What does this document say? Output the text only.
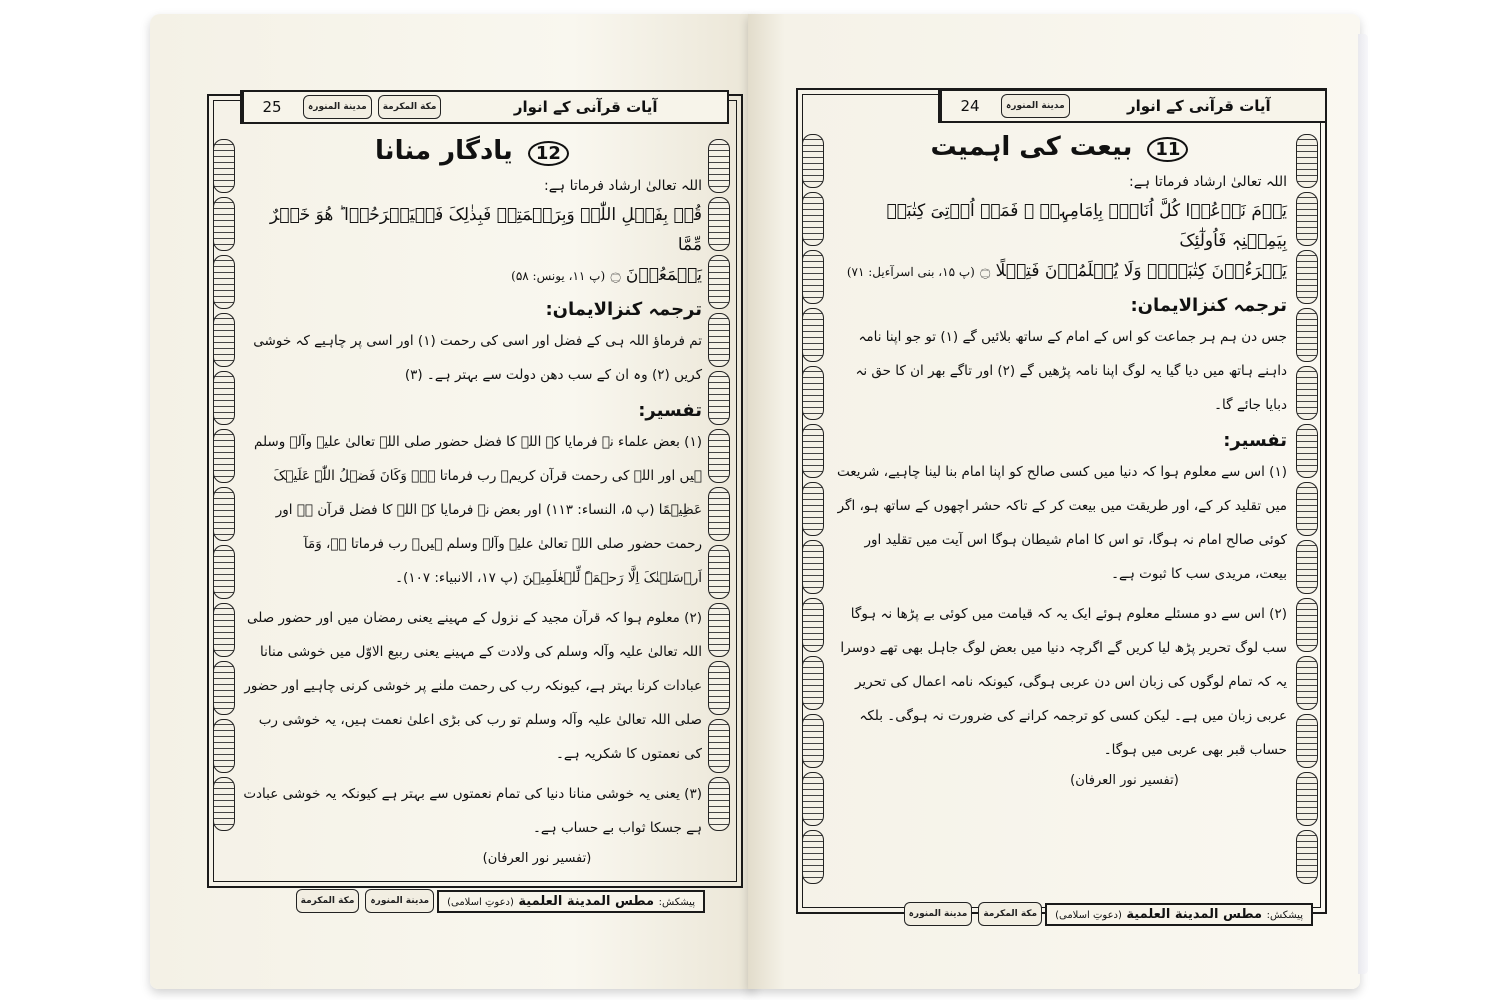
25	مدینة المنورہ	مکة المکرمة	آیات قرآنی کے انوار
12 یادگار منانا

اللہ تعالیٰ ارشاد فرماتا ہے:

قُلۡ بِفَضۡلِ اللّٰہِ وَبِرَحۡمَتِہٖ فَبِذٰلِکَ فَلۡیَفۡرَحُوۡا ؕ ھُوَ خَیۡرٌ مِّمَّا

یَجۡمَعُوۡنَ ۝ (پ ۱۱، یونس: ۵۸)

ترجمہ کنزالایمان:

تم فرماؤ اللہ ہی کے فضل اور اسی کی رحمت (۱) اور اسی پر چاہیے کہ خوشی کریں (۲) وہ ان کے سب دھن دولت سے بہتر ہے۔ (۳)

تفسیر:

(۱) بعض علماء نے فرمایا کہ اللہ کا فضل حضور صلی اللہ تعالیٰ علیہ وآلہ وسلم ہیں اور اللہ کی رحمت قرآن کریم۔ رب فرماتا ہے۔ وَکَانَ فَضۡلُ اللّٰہِ عَلَیۡکَ عَظِیۡمًا (پ ۵، النساء: ۱۱۳) اور بعض نے فرمایا کہ اللہ کا فضل قرآن ہے اور رحمت حضور صلی اللہ تعالیٰ علیہ وآلہ وسلم ہیں۔ رب فرماتا ہے، وَمَآ اَرۡسَلۡنٰکَ اِلَّا رَحۡمَۃً لِّلۡعٰلَمِیۡنَ (پ ۱۷، الانبیاء: ۱۰۷)۔

(۲) معلوم ہوا کہ قرآن مجید کے نزول کے مہینے یعنی رمضان میں اور حضور صلی اللہ تعالیٰ علیہ وآلہ وسلم کی ولادت کے مہینے یعنی ربیع الاوّل میں خوشی منانا عبادات کرنا بہتر ہے، کیونکہ رب کی رحمت ملنے پر خوشی کرنی چاہیے اور حضور صلی اللہ تعالیٰ علیہ وآلہ وسلم تو رب کی بڑی اعلیٰ نعمت ہیں، یہ خوشی رب کی نعمتوں کا شکریہ ہے۔

(۳) یعنی یہ خوشی منانا دنیا کی تمام نعمتوں سے بہتر ہے کیونکہ یہ خوشی عبادت ہے جسکا ثواب بے حساب ہے۔

(تفسیر نور العرفان)
پیشکش: مطس المدینة العلمیة (دعوتِ اسلامی)
مدینة المنورہ
مکة المکرمة
24	مدینة المنورہ	آیات قرآنی کے انوار
11 بیعت کی اہمیت

اللہ تعالیٰ ارشاد فرماتا ہے:

یَوۡمَ نَدۡعُوۡا کُلَّ اُنَاسٍۭ بِاِمَامِہِمۡ ۚ فَمَنۡ اُوۡتِیَ کِتٰبَہٗ بِیَمِیۡنِہٖ فَاُولٰٓئِکَ

یَقۡرَءُوۡنَ کِتٰبَہُمۡ وَلَا یُظۡلَمُوۡنَ فَتِیۡلًا ۝ (پ ۱۵، بنی اسرآءیل: ۷۱)

ترجمہ کنزالایمان:

جس دن ہم ہر جماعت کو اس کے امام کے ساتھ بلائیں گے (۱) تو جو اپنا نامہ داہنے ہاتھ میں دیا گیا یہ لوگ اپنا نامہ پڑھیں گے (۲) اور تاگے بھر ان کا حق نہ دبایا جائے گا۔

تفسیر:

(۱) اس سے معلوم ہوا کہ دنیا میں کسی صالح کو اپنا امام بنا لینا چاہیے، شریعت میں تقلید کر کے، اور طریقت میں بیعت کر کے تاکہ حشر اچھوں کے ساتھ ہو، اگر کوئی صالح امام نہ ہوگا، تو اس کا امام شیطان ہوگا اس آیت میں تقلید اور بیعت، مریدی سب کا ثبوت ہے۔

(۲) اس سے دو مسئلے معلوم ہوئے ایک یہ کہ قیامت میں کوئی بے پڑھا نہ ہوگا سب لوگ تحریر پڑھ لیا کریں گے اگرچہ دنیا میں بعض لوگ جاہل بھی تھے دوسرا یہ کہ تمام لوگوں کی زبان اس دن عربی ہوگی، کیونکہ نامہ اعمال کی تحریر عربی زبان میں ہے۔ لیکن کسی کو ترجمہ کرانے کی ضرورت نہ ہوگی۔ بلکہ حساب قبر بھی عربی میں ہوگا۔

(تفسیر نور العرفان)
پیشکش: مطس المدینة العلمیة (دعوتِ اسلامی)
مکة المکرمة
مدینة المنورہ
